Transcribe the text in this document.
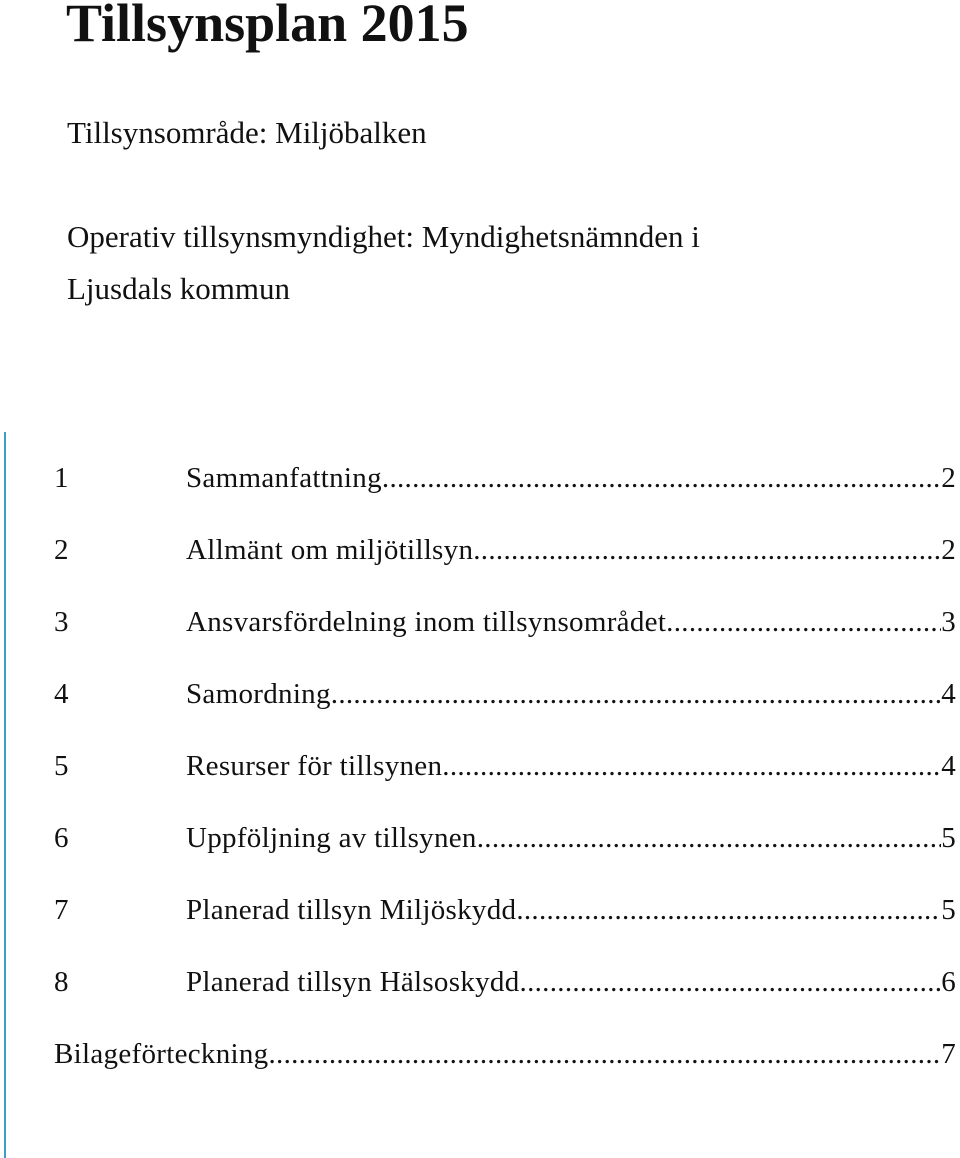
Tillsynsplan 2015
Tillsynsområde: Miljöbalken
Operativ tillsynsmyndighet: Myndighetsnämnden i
Ljusdals kommun
1	Sammanfattning .....	2
2	Allmänt om miljötillsyn .....	2
3	Ansvarsfördelning inom tillsynsområdet .....	3
4	Samordning .....	4
5	Resurser för tillsynen .....	4
6	Uppföljning av tillsynen .....	5
7	Planerad tillsyn Miljöskydd .....	5
8	Planerad tillsyn Hälsoskydd .....	6
Bilageförteckning .....	7
